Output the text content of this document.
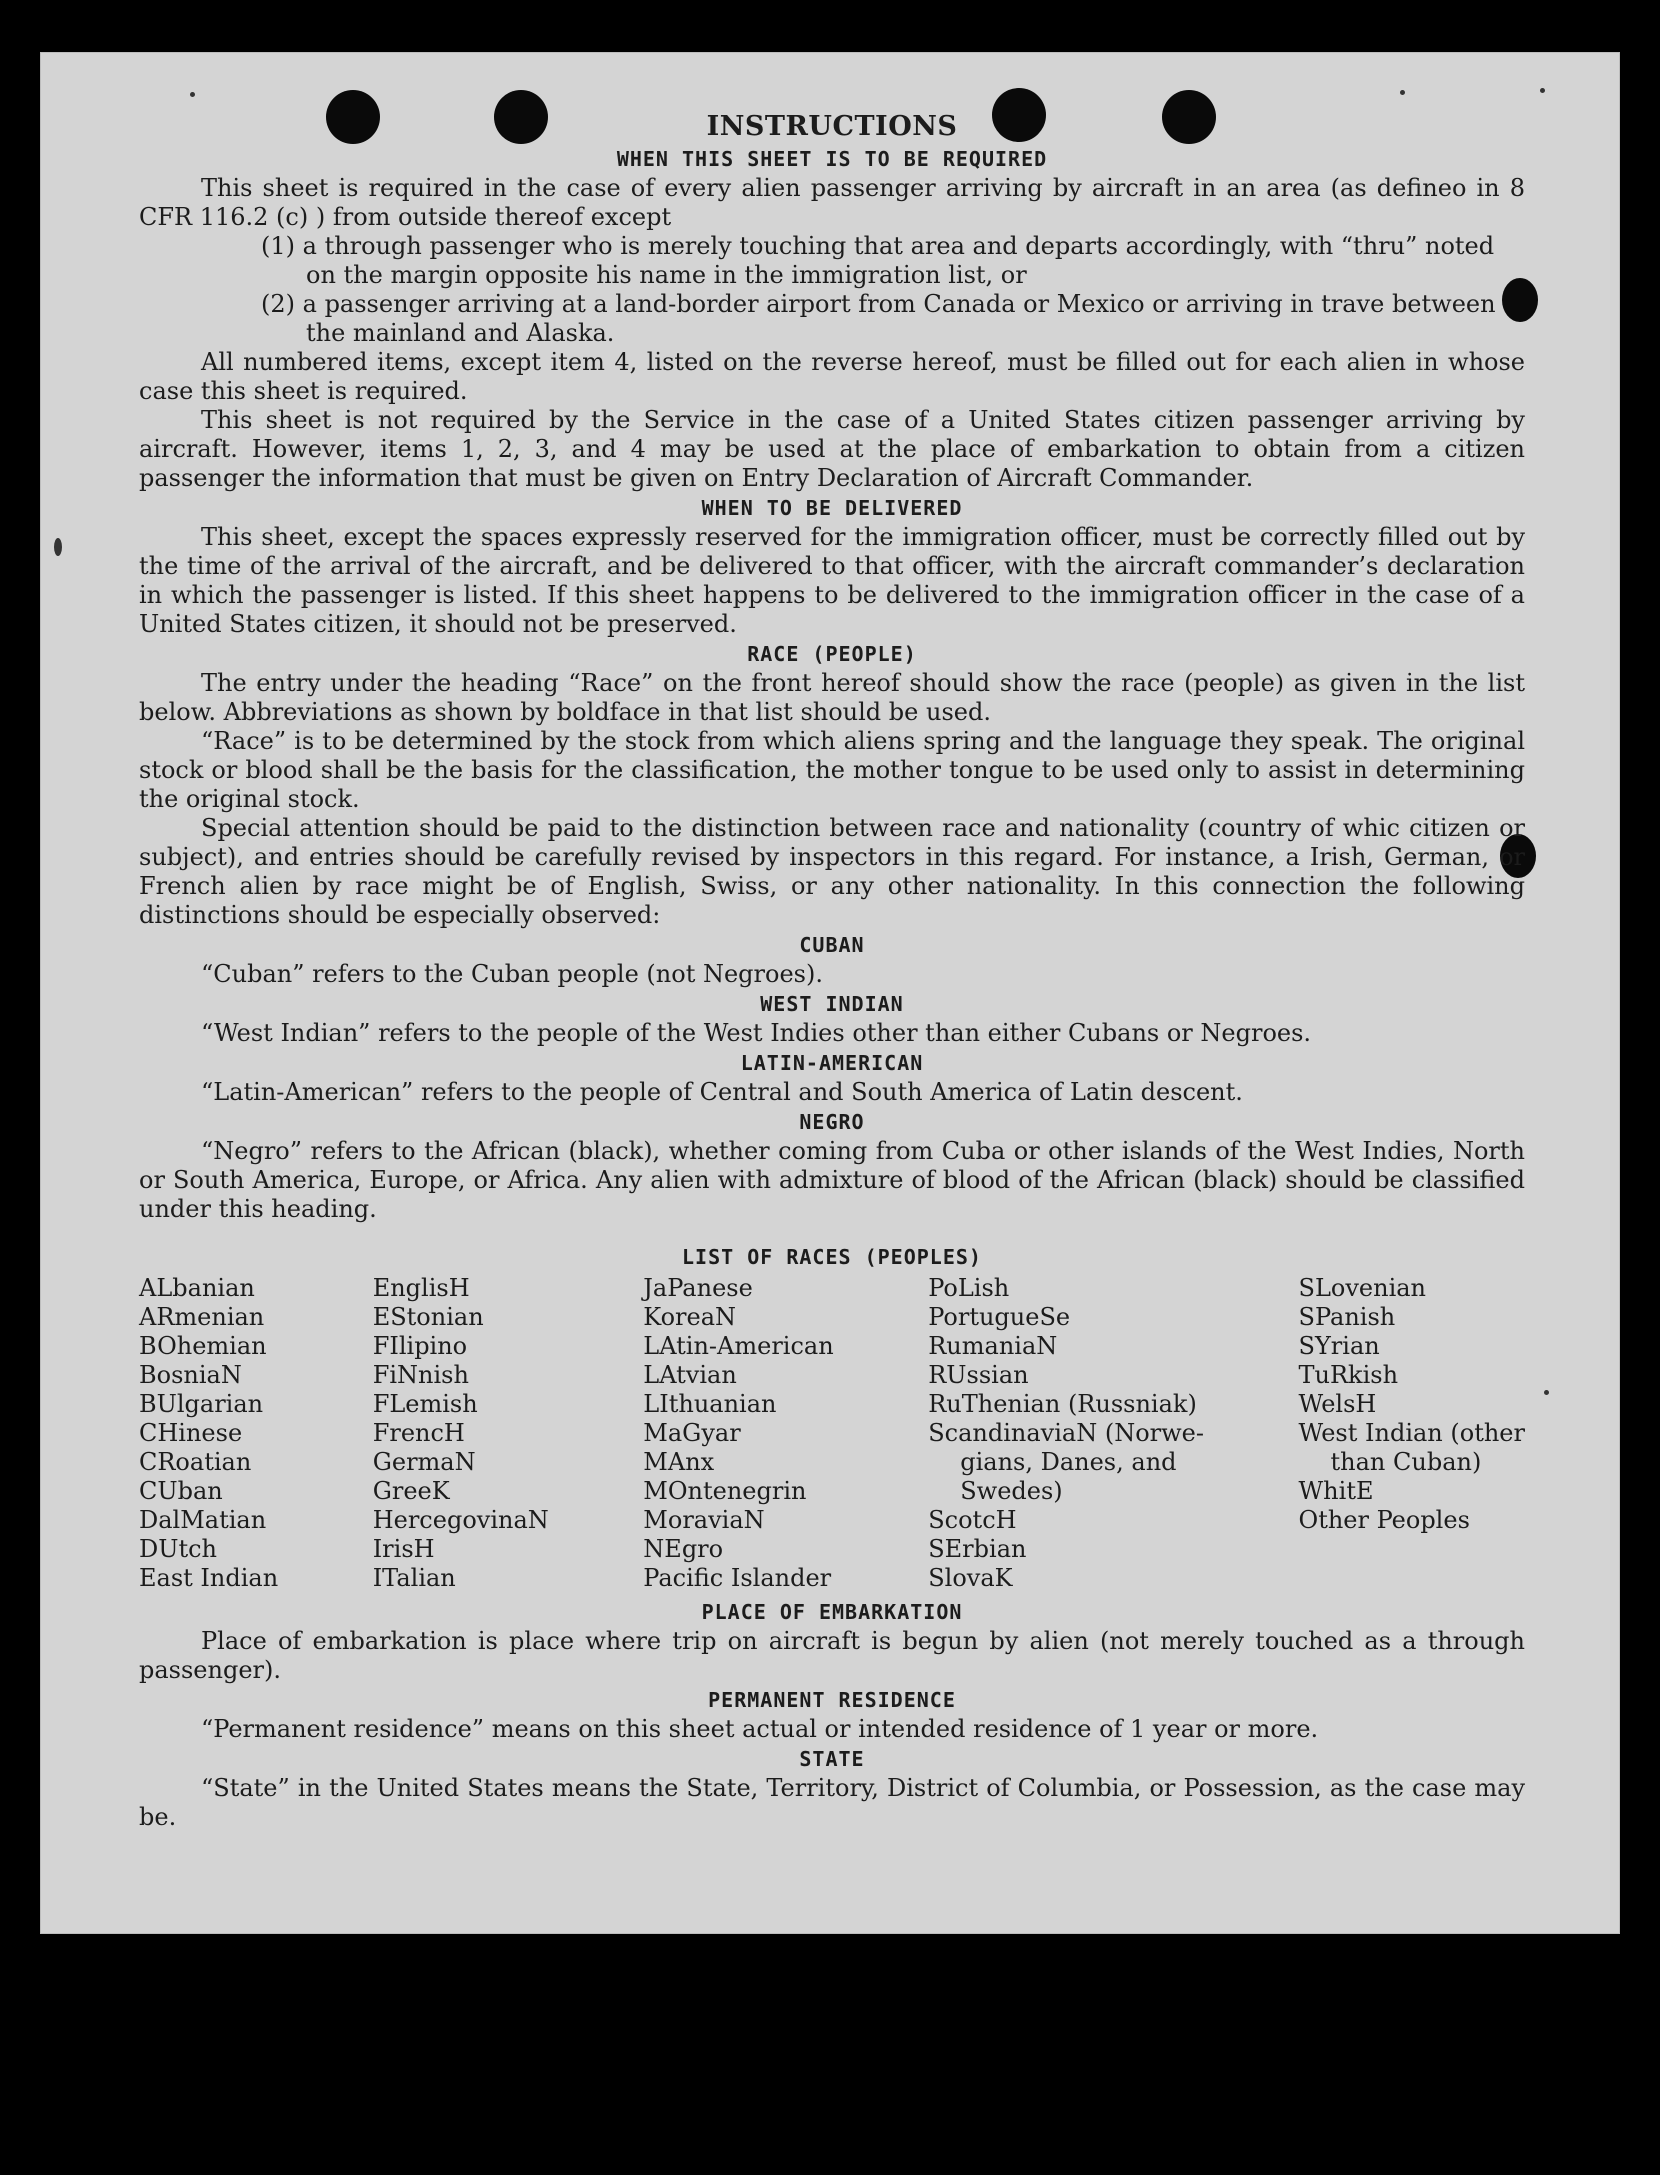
INSTRUCTIONS
WHEN THIS SHEET IS TO BE REQUIRED

This sheet is required in the case of every alien passenger arriving by aircraft in an area (as defineo in 8 CFR 116.2 (c) ) from outside thereof except

(1) a through passenger who is merely touching that area and departs accordingly, with “thru” noted on the margin opposite his name in the immigration list, or

(2) a passenger arriving at a land-border airport from Canada or Mexico or arriving in trave between the mainland and Alaska.

All numbered items, except item 4, listed on the reverse hereof, must be filled out for each alien in whose case this sheet is required.

This sheet is not required by the Service in the case of a United States citizen passenger arriving by aircraft. However, items 1, 2, 3, and 4 may be used at the place of embarkation to obtain from a citizen passenger the information that must be given on Entry Declaration of Aircraft Commander.

WHEN TO BE DELIVERED

This sheet, except the spaces expressly reserved for the immigration officer, must be correctly filled out by the time of the arrival of the aircraft, and be delivered to that officer, with the aircraft commander’s declaration in which the passenger is listed. If this sheet happens to be delivered to the immigration officer in the case of a United States citizen, it should not be preserved.

RACE (PEOPLE)

The entry under the heading “Race” on the front hereof should show the race (people) as given in the list below. Abbreviations as shown by boldface in that list should be used.

“Race” is to be determined by the stock from which aliens spring and the language they speak. The original stock or blood shall be the basis for the classification, the mother tongue to be used only to assist in determining the original stock.

Special attention should be paid to the distinction between race and nationality (country of whic citizen or subject), and entries should be carefully revised by inspectors in this regard. For instance, a Irish, German, or French alien by race might be of English, Swiss, or any other nationality. In this connection the following distinctions should be especially observed:

CUBAN

“Cuban” refers to the Cuban people (not Negroes).

WEST INDIAN

“West Indian” refers to the people of the West Indies other than either Cubans or Negroes.

LATIN-AMERICAN

“Latin-American” refers to the people of Central and South America of Latin descent.

NEGRO

“Negro” refers to the African (black), whether coming from Cuba or other islands of the West Indies, North or South America, Europe, or Africa. Any alien with admixture of blood of the African (black) should be classified under this heading.

LIST OF RACES (PEOPLES)
ALbanian
ARmenian
BOhemian
BosniaN
BUlgarian
CHinese
CRoatian
CUban
DalMatian
DUtch
East Indian
EnglisH
EStonian
FIlipino
FiNnish
FLemish
FrencH
GermaN
GreeK
HercegovinaN
IrisH
ITalian
JaPanese
KoreaN
LAtin-American
LAtvian
LIthuanian
MaGyar
MAnx
MOntenegrin
MoraviaN
NEgro
Pacific Islander
PoLish
PortugueSe
RumaniaN
RUssian
RuThenian (Russniak)
ScandinaviaN (Norwe-
gians, Danes, and
Swedes)
ScotcH
SErbian
SlovaK
SLovenian
SPanish
SYrian
TuRkish
WelsH
West Indian (other
than Cuban)
WhitE
Other Peoples
PLACE OF EMBARKATION

Place of embarkation is place where trip on aircraft is begun by alien (not merely touched as a through passenger).

PERMANENT RESIDENCE

“Permanent residence” means on this sheet actual or intended residence of 1 year or more.

STATE

“State” in the United States means the State, Territory, District of Columbia, or Possession, as the case may be.
